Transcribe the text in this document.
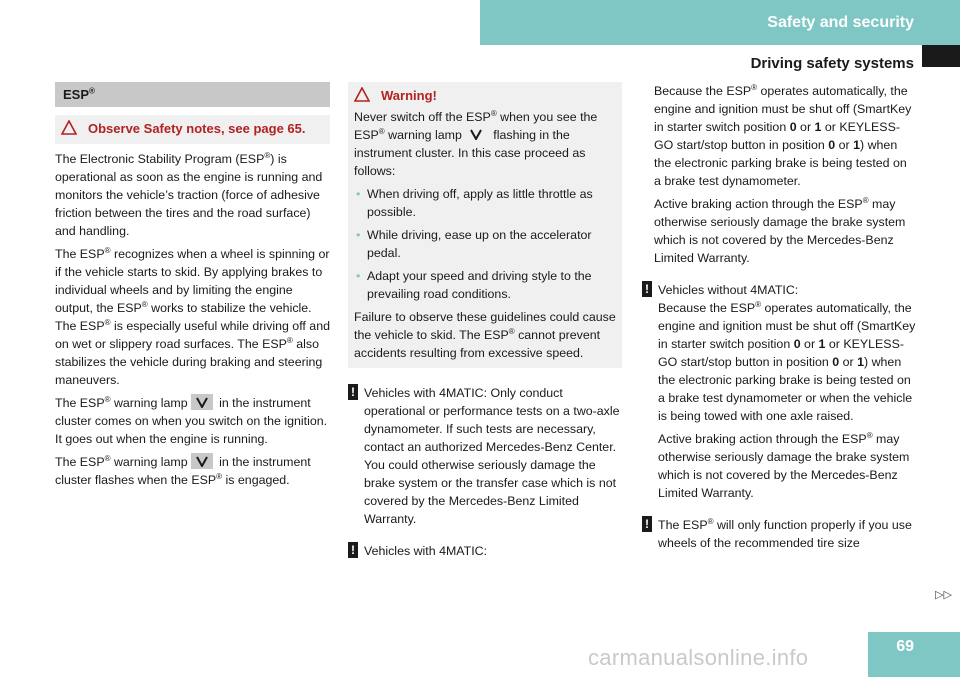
Safety and security
Driving safety systems
ESP®
Observe Safety notes, see page 65.

The Electronic Stability Program (ESP®) is operational as soon as the engine is running and monitors the vehicle’s traction (force of adhesive friction between the tires and the road surface) and handling.

The ESP® recognizes when a wheel is spinning or if the vehicle starts to skid. By applying brakes to individual wheels and by limiting the engine output, the ESP® works to stabilize the vehicle. The ESP® is especially useful while driving off and on wet or slippery road surfaces. The ESP® also stabilizes the vehicle during braking and steering maneuvers.

The ESP® warning lamp
in the instrument cluster comes on when you switch on the ignition. It goes out when the engine is running.

The ESP® warning lamp
in the instrument cluster flashes when the ESP® is engaged.

Warning!

Never switch off the ESP® when you see the ESP® warning lamp
flashing in the instrument cluster. In this case proceed as follows:

• When driving off, apply as little throttle as possible.
• While driving, ease up on the accelerator pedal.
• Adapt your speed and driving style to the prevailing road conditions.

Failure to observe these guidelines could cause the vehicle to skid. The ESP® cannot prevent accidents resulting from excessive speed.

! Vehicles with 4MATIC: Only conduct operational or performance tests on a two-axle dynamometer. If such tests are necessary, contact an authorized Mercedes-Benz Center. You could otherwise seriously damage the brake system or the transfer case which is not covered by the Mercedes-Benz Limited Warranty.

! Vehicles with 4MATIC:

Because the ESP® operates automatically, the engine and ignition must be shut off (SmartKey in starter switch position 0 or 1 or KEYLESS-GO start/stop button in position 0 or 1) when the electronic parking brake is being tested on a brake test dynamometer.

Active braking action through the ESP® may otherwise seriously damage the brake system which is not covered by the Mercedes-Benz Limited Warranty.

! Vehicles without 4MATIC:
Because the ESP® operates automatically, the engine and ignition must be shut off (SmartKey in starter switch position 0 or 1 or KEYLESS-GO start/stop button in position 0 or 1) when the electronic parking brake is being tested on a brake test dynamometer or when the vehicle is being towed with one axle raised.

Active braking action through the ESP® may otherwise seriously damage the brake system which is not covered by the Mercedes-Benz Limited Warranty.

! The ESP® will only function properly if you use wheels of the recommended tire size

▷▷
69
carmanualsonline.info
